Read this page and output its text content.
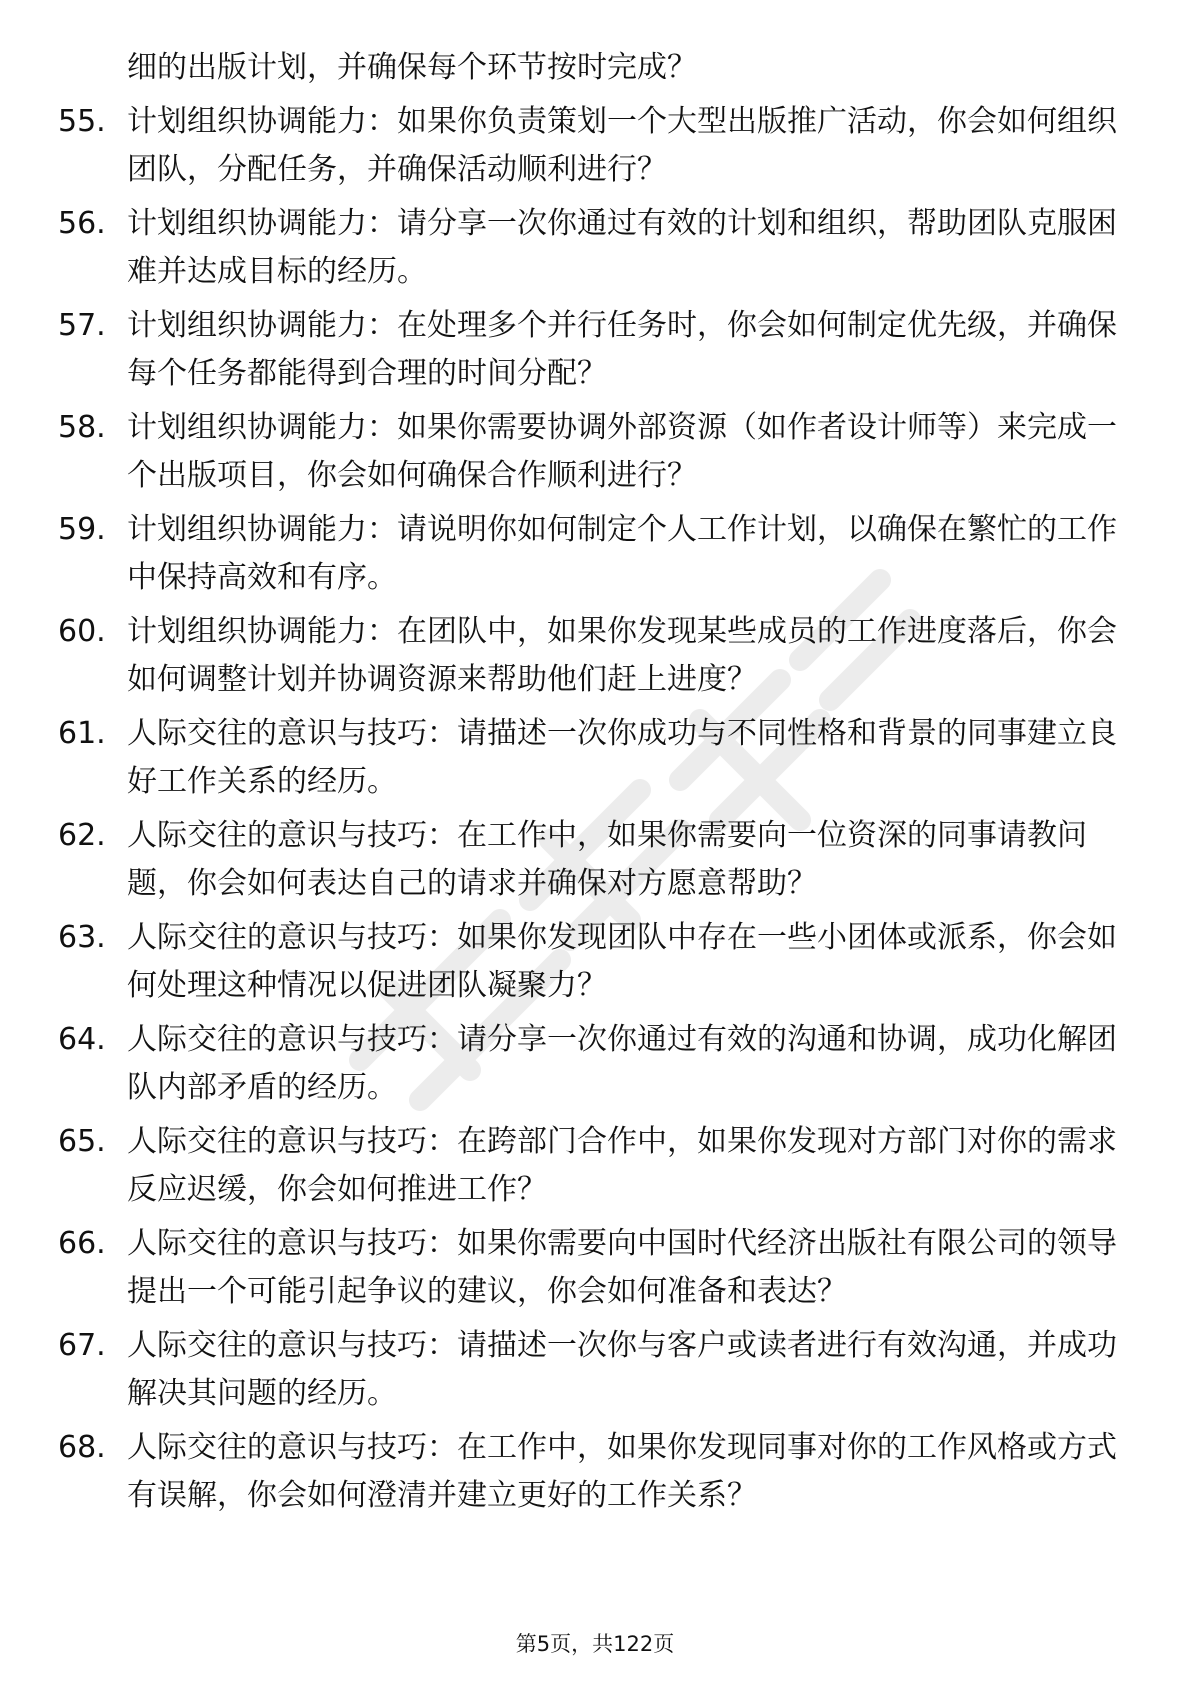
细的出版计划，并确保每个环节按时完成？
55. 计划组织协调能力：如果你负责策划一个大型出版推广活动，你会如何组织团队，分配任务，并确保活动顺利进行？
56. 计划组织协调能力：请分享一次你通过有效的计划和组织，帮助团队克服困难并达成目标的经历。
57. 计划组织协调能力：在处理多个并行任务时，你会如何制定优先级，并确保每个任务都能得到合理的时间分配？
58. 计划组织协调能力：如果你需要协调外部资源（如作者设计师等）来完成一个出版项目，你会如何确保合作顺利进行？
59. 计划组织协调能力：请说明你如何制定个人工作计划，以确保在繁忙的工作中保持高效和有序。
60. 计划组织协调能力：在团队中，如果你发现某些成员的工作进度落后，你会如何调整计划并协调资源来帮助他们赶上进度？
61. 人际交往的意识与技巧：请描述一次你成功与不同性格和背景的同事建立良好工作关系的经历。
62. 人际交往的意识与技巧：在工作中，如果你需要向一位资深的同事请教问题，你会如何表达自己的请求并确保对方愿意帮助？
63. 人际交往的意识与技巧：如果你发现团队中存在一些小团体或派系，你会如何处理这种情况以促进团队凝聚力？
64. 人际交往的意识与技巧：请分享一次你通过有效的沟通和协调，成功化解团队内部矛盾的经历。
65. 人际交往的意识与技巧：在跨部门合作中，如果你发现对方部门对你的需求反应迟缓，你会如何推进工作？
66. 人际交往的意识与技巧：如果你需要向中国时代经济出版社有限公司的领导提出一个可能引起争议的建议，你会如何准备和表达？
67. 人际交往的意识与技巧：请描述一次你与客户或读者进行有效沟通，并成功解决其问题的经历。
68. 人际交往的意识与技巧：在工作中，如果你发现同事对你的工作风格或方式有误解，你会如何澄清并建立更好的工作关系？
第5页，共122页
